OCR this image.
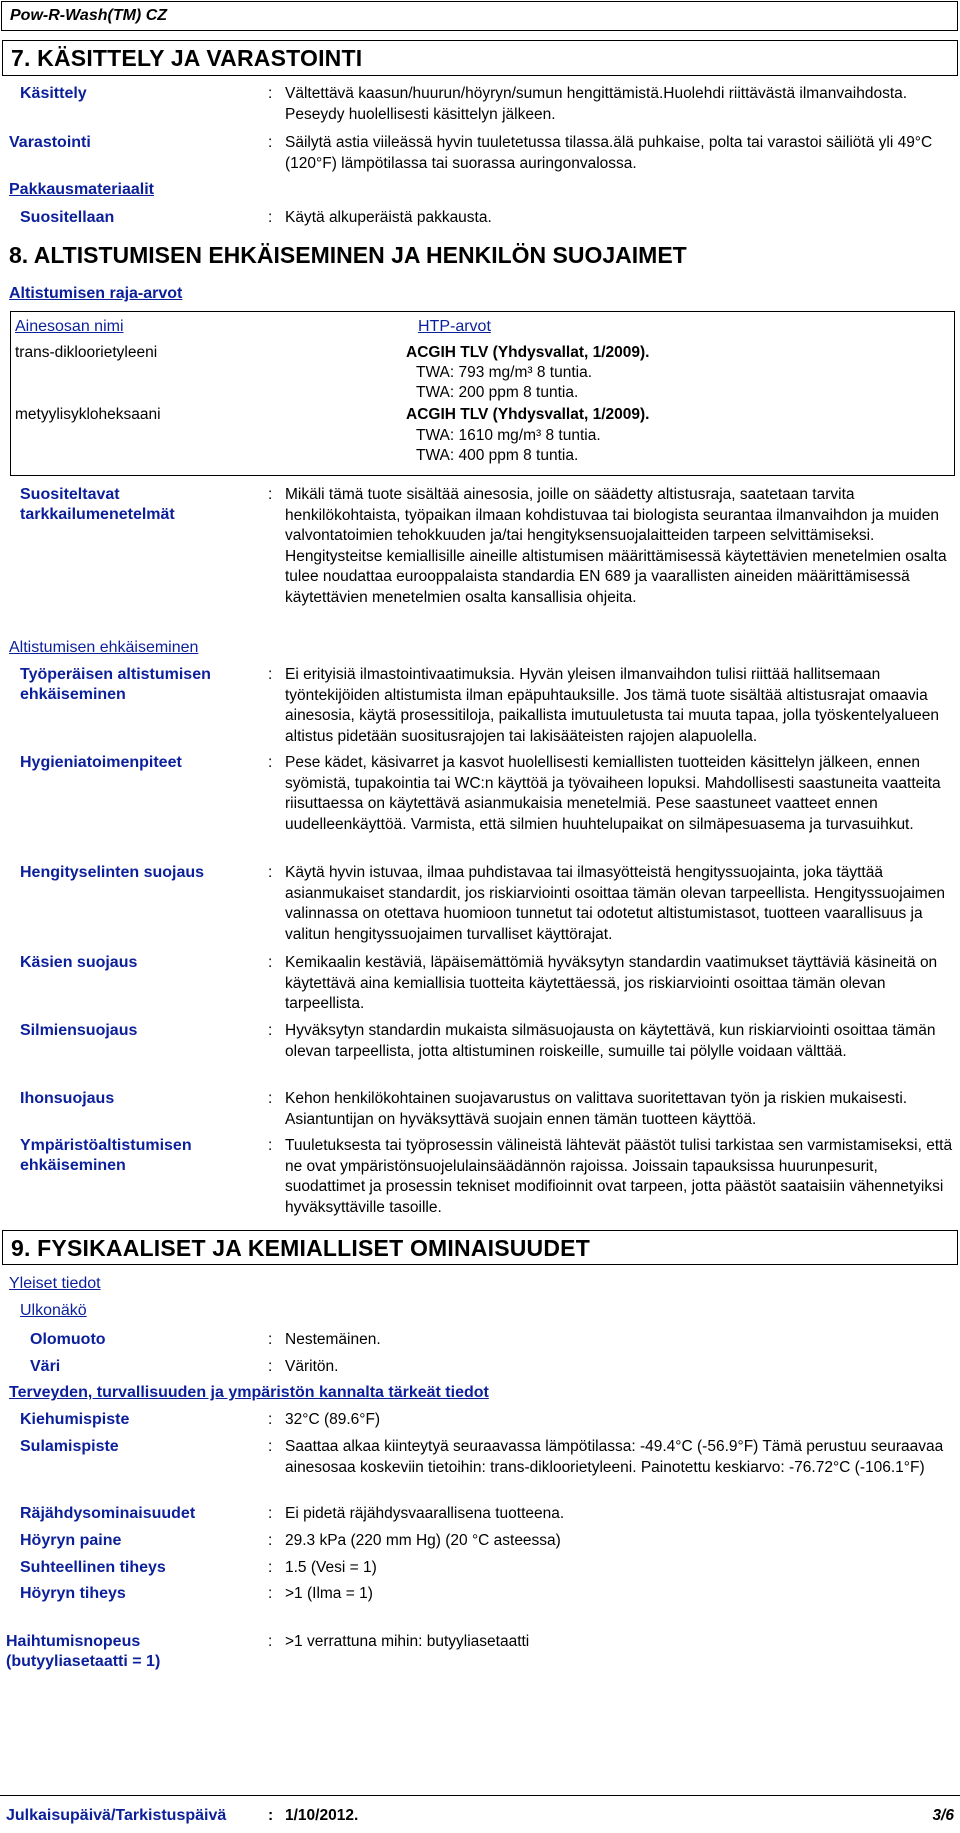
Pow-R-Wash(TM) CZ
7. KÄSITTELY JA VARASTOINTI
Käsittely	: Vältettävä kaasun/huurun/höyryn/sumun hengittämistä.Huolehdi riittävästä ilmanvaihdosta. Peseydy huolellisesti käsittelyn jälkeen.
Varastointi	: Säilytä astia viileässä hyvin tuuletetussa tilassa.älä puhkaise, polta tai varastoi säiliötä yli 49°C (120°F) lämpötilassa tai suorassa auringonvalossa.
Pakkausmateriaalit
Suositellaan	: Käytä alkuperäistä pakkausta.
8. ALTISTUMISEN EHKÄISEMINEN JA HENKILÖN SUOJAIMET
Altistumisen raja-arvot
Ainesosan nimi	HTP-arvot
trans-dikloorietyleeni	ACGIH TLV (Yhdysvallat, 1/2009).
TWA: 793 mg/m³ 8 tuntia.
TWA: 200 ppm 8 tuntia.
metyylisykloheksaani	ACGIH TLV (Yhdysvallat, 1/2009).
TWA: 1610 mg/m³ 8 tuntia.
TWA: 400 ppm 8 tuntia.
Suositeltavat
tarkkailumenetelmät
: Mikäli tämä tuote sisältää ainesosia, joille on säädetty altistusraja, saatetaan tarvita henkilökohtaista, työpaikan ilmaan kohdistuvaa tai biologista seurantaa ilmanvaihdon ja muiden valvontatoimien tehokkuuden ja/tai hengityksensuojalaitteiden tarpeen selvittämiseksi. Hengitysteitse kemiallisille aineille altistumisen määrittämisessä käytettävien menetelmien osalta tulee noudattaa eurooppalaista standardia EN 689 ja vaarallisten aineiden määrittämisessä käytettävien menetelmien osalta kansallisia ohjeita.
Altistumisen ehkäiseminen
Työperäisen altistumisen
ehkäiseminen
: Ei erityisiä ilmastointivaatimuksia. Hyvän yleisen ilmanvaihdon tulisi riittää hallitsemaan työntekijöiden altistumista ilman epäpuhtauksille. Jos tämä tuote sisältää altistusrajat omaavia ainesosia, käytä prosessitiloja, paikallista imutuuletusta tai muuta tapaa, jolla työskentelyalueen altistus pidetään suositusrajojen tai lakisääteisten rajojen alapuolella.
Hygieniatoimenpiteet	: Pese kädet, käsivarret ja kasvot huolellisesti kemiallisten tuotteiden käsittelyn jälkeen, ennen syömistä, tupakointia tai WC:n käyttöä ja työvaiheen lopuksi. Mahdollisesti saastuneita vaatteita riisuttaessa on käytettävä asianmukaisia menetelmiä. Pese saastuneet vaatteet ennen uudelleenkäyttöä. Varmista, että silmien huuhtelupaikat on silmäpesuasema ja turvasuihkut.
Hengityselinten suojaus	: Käytä hyvin istuvaa, ilmaa puhdistavaa tai ilmasyötteistä hengityssuojainta, joka täyttää asianmukaiset standardit, jos riskiarviointi osoittaa tämän olevan tarpeellista. Hengityssuojaimen valinnassa on otettava huomioon tunnetut tai odotetut altistumistasot, tuotteen vaarallisuus ja valitun hengityssuojaimen turvalliset käyttörajat.
Käsien suojaus	: Kemikaalin kestäviä, läpäisemättömiä hyväksytyn standardin vaatimukset täyttäviä käsineitä on käytettävä aina kemiallisia tuotteita käytettäessä, jos riskiarviointi osoittaa tämän olevan tarpeellista.
Silmiensuojaus	: Hyväksytyn standardin mukaista silmäsuojausta on käytettävä, kun riskiarviointi osoittaa tämän olevan tarpeellista, jotta altistuminen roiskeille, sumuille tai pölylle voidaan välttää.
Ihonsuojaus	: Kehon henkilökohtainen suojavarustus on valittava suoritettavan työn ja riskien mukaisesti. Asiantuntijan on hyväksyttävä suojain ennen tämän tuotteen käyttöä.
Ympäristöaltistumisen
ehkäiseminen
: Tuuletuksesta tai työprosessin välineistä lähtevät päästöt tulisi tarkistaa sen varmistamiseksi, että ne ovat ympäristönsuojelulainsäädännön rajoissa. Joissain tapauksissa huurunpesurit, suodattimet ja prosessin tekniset modifioinnit ovat tarpeen, jotta päästöt saataisiin vähennetyiksi hyväksyttäville tasoille.
9. FYSIKAALISET JA KEMIALLISET OMINAISUUDET
Yleiset tiedot
Ulkonäkö
Olomuoto	: Nestemäinen.
Väri	: Väritön.
Terveyden, turvallisuuden ja ympäristön kannalta tärkeät tiedot
Kiehumispiste	: 32°C (89.6°F)
Sulamispiste	: Saattaa alkaa kiinteytyä seuraavassa lämpötilassa: -49.4°C (-56.9°F) Tämä perustuu seuraavaa ainesosaa koskeviin tietoihin: trans-dikloorietyleeni. Painotettu keskiarvo: -76.72°C (-106.1°F)
Räjähdysominaisuudet	: Ei pidetä räjähdysvaarallisena tuotteena.
Höyryn paine	: 29.3 kPa (220 mm Hg) (20 °C asteessa)
Suhteellinen tiheys	: 1.5 (Vesi = 1)
Höyryn tiheys	: >1 (Ilma = 1)
Haihtumisnopeus
(butyyliasetaatti = 1)
: >1 verrattuna mihin: butyyliasetaatti
Julkaisupäivä/Tarkistuspäivä	: 1/10/2012.	3/6
